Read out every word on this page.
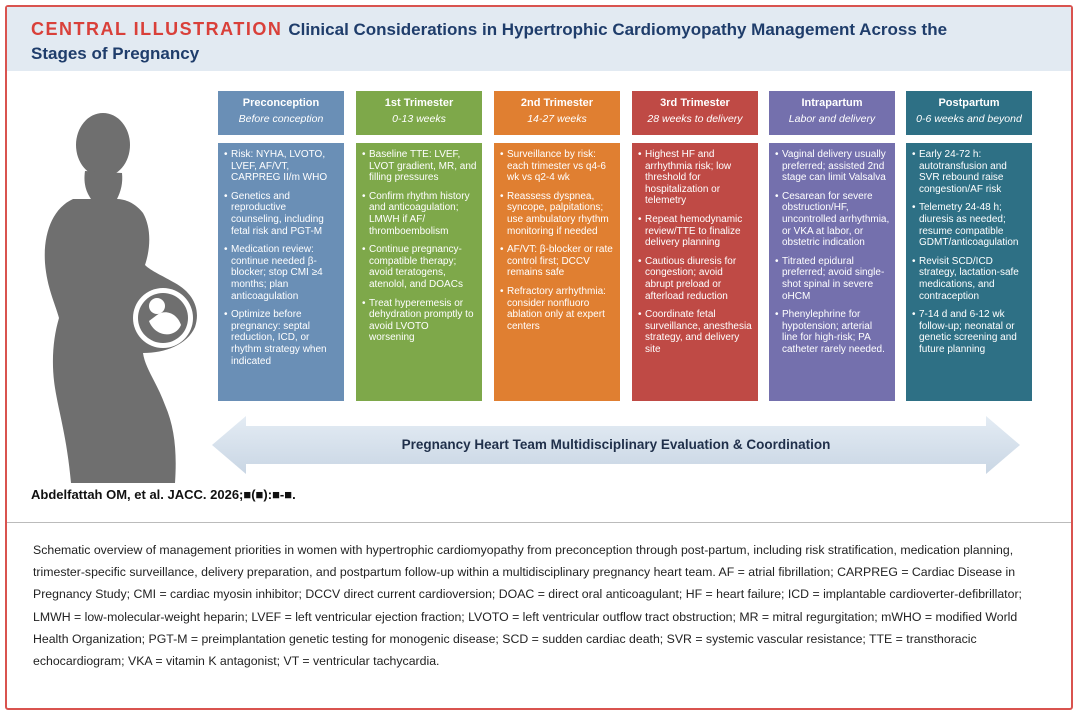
CENTRAL ILLUSTRATION Clinical Considerations in Hypertrophic Cardiomyopathy Management Across the
Stages of Pregnancy
Preconception
Before conception
• Risk: NYHA, LVOTO, LVEF, AF/VT, CARPREG II/m WHO
• Genetics and reproductive counseling, including fetal risk and PGT-M
• Medication review: continue needed β-blocker; stop CMI ≥4 months; plan anticoagulation
• Optimize before pregnancy: septal reduction, ICD, or rhythm strategy when indicated
1st Trimester
0-13 weeks
• Baseline TTE: LVEF, LVOT gradient, MR, and filling pressures
• Confirm rhythm history and anticoagulation; LMWH if AF/ thromboembolism
• Continue pregnancy-compatible therapy; avoid teratogens, atenolol, and DOACs
• Treat hyperemesis or dehydration promptly to avoid LVOTO worsening
2nd Trimester
14-27 weeks
• Surveillance by risk: each trimester vs q4-6 wk vs q2-4 wk
• Reassess dyspnea, syncope, palpitations; use ambulatory rhythm monitoring if needed
• AF/VT: β-blocker or rate control first; DCCV remains safe
• Refractory arrhythmia: consider nonfluoro ablation only at expert centers
3rd Trimester
28 weeks to delivery
• Highest HF and arrhythmia risk; low threshold for hospitalization or telemetry
• Repeat hemodynamic review/TTE to finalize delivery planning
• Cautious diuresis for congestion; avoid abrupt preload or afterload reduction
• Coordinate fetal surveillance, anesthesia strategy, and delivery site
Intrapartum
Labor and delivery
• Vaginal delivery usually preferred; assisted 2nd stage can limit Valsalva
• Cesarean for severe obstruction/HF, uncontrolled arrhythmia, or VKA at labor, or obstetric indication
• Titrated epidural preferred; avoid single-shot spinal in severe oHCM
• Phenylephrine for hypotension; arterial line for high-risk; PA catheter rarely needed.
Postpartum
0-6 weeks and beyond
• Early 24-72 h: autotransfusion and SVR rebound raise congestion/AF risk
• Telemetry 24-48 h; diuresis as needed; resume compatible GDMT/anticoagulation
• Revisit SCD/ICD strategy, lactation-safe medications, and contraception
• 7-14 d and 6-12 wk follow-up; neonatal or genetic screening and future planning
Pregnancy Heart Team Multidisciplinary Evaluation & Coordination
Abdelfattah OM, et al. JACC. 2026;■(■):■-■.
Schematic overview of management priorities in women with hypertrophic cardiomyopathy from preconception through post-partum, including risk stratification, medication planning, trimester-specific surveillance, delivery preparation, and postpartum follow-up within a multidisciplinary pregnancy heart team. AF = atrial fibrillation; CARPREG = Cardiac Disease in Pregnancy Study; CMI = cardiac myosin inhibitor; DCCV direct current cardioversion; DOAC = direct oral anticoagulant; HF = heart failure; ICD = implantable cardioverter-defibrillator; LMWH = low-molecular-weight heparin; LVEF = left ventricular ejection fraction; LVOTO = left ventricular outflow tract obstruction; MR = mitral regurgitation; mWHO = modified World Health Organization; PGT-M = preimplantation genetic testing for monogenic disease; SCD = sudden cardiac death; SVR = systemic vascular resistance; TTE = transthoracic echocardiogram; VKA = vitamin K antagonist; VT = ventricular tachycardia.
